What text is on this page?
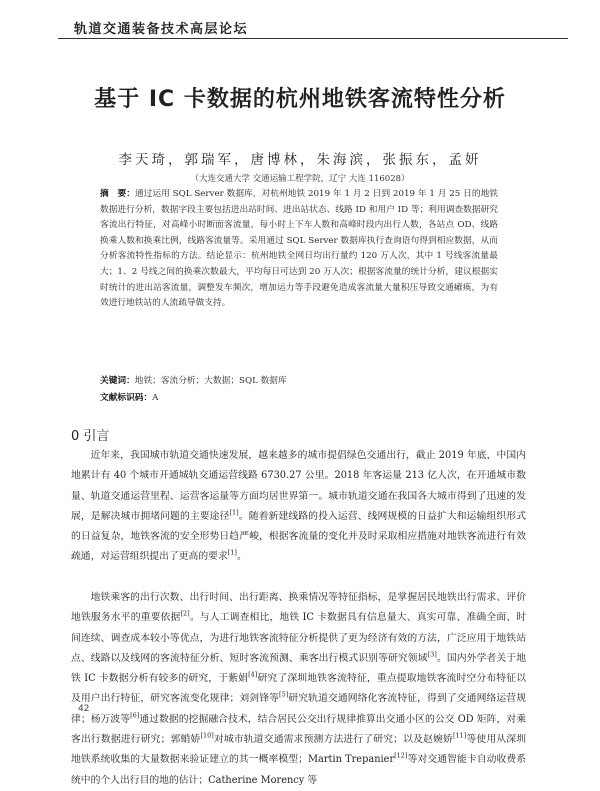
轨道交通装备技术高层论坛
基于 IC 卡数据的杭州地铁客流特性分析
李天琦，郭瑞军，唐博林，朱海滨，张振东，孟妍
（大连交通大学 交通运输工程学院，辽宁 大连 116028）
摘　要：通过运用 SQL Server 数据库，对杭州地铁 2019 年 1 月 2 日到 2019 年 1 月 25 日的地铁数据进行分析，数据字段主要包括进出站时间、进出站状态、线路 ID 和用户 ID 等；利用调查数据研究客流出行特征，对高峰小时断面客流量，每小时上下车人数和高峰时段内出行人数，各站点 OD、线路换乘人数和换乘比例，线路客流量等。采用通过 SQL Server 数据库执行查询语句得到相应数据，从而分析客流特性指标的方法。结论显示：杭州地铁全网日均出行量约 120 万人次，其中 1 号线客流量最大；1、2 号线之间的换乘次数最大，平均每日可达到 20 万人次；根据客流量的统计分析，建议根据实时统计的进出站客流量，调整发车频次，增加运力等手段避免造成客流量大量积压导致交通瘫痪，为有效进行地铁站的人流疏导做支持。
关键词：地铁；客流分析；大数据；SQL 数据库
文献标识码：A
0 引言

近年来，我国城市轨道交通快速发展，越来越多的城市提倡绿色交通出行，截止 2019 年底，中国内地累计有 40 个城市开通城轨交通运营线路 6730.27 公里。2018 年客运量 213 亿人次，在开通城市数量、轨道交通运营里程、运营客运量等方面均居世界第一。城市轨道交通在我国各大城市得到了迅速的发展，是解决城市拥堵问题的主要途径[1]。随着新建线路的投入运营、线网规模的日益扩大和运输组织形式的日益复杂，地铁客流的安全形势日趋严峻，根据客流量的变化并及时采取相应措施对地铁客流进行有效疏通，对运营组织提出了更高的要求[1]。

地铁乘客的出行次数、出行时间、出行距离、换乘情况等特征指标，是掌握居民地铁出行需求、评价地铁服务水平的重要依据[2]。与人工调查相比，地铁 IC 卡数据具有信息量大、真实可靠、准确全面、时间连续、调查成本较小等优点，为进行地铁客流特征分析提供了更为经济有效的方法，广泛应用于地铁站点、线路以及线网的客流特征分析、短时客流预测、乘客出行模式识别等研究领域[3]。国内外学者关于地铁 IC 卡数据分析有较多的研究，于紫娟[4]研究了深圳地铁客流特征，重点提取地铁客流时空分布特征以及用户出行特征，研究客流变化规律；刘剑锋等[5]研究轨道交通网络化客流特征，得到了交通网络运营规律；杨万波等[6]通过数据的挖掘融合技术，结合居民公交出行规律推算出交通小区的公交 OD 矩阵，对乘客出行数据进行研究；郭蛸娇[10]对城市轨道交通需求预测方法进行了研究；以及赵婉娇[11]等使用从深圳地铁系统收集的大量数据来验证建立的其一概率模型；Martin Trepanier[12]等对交通智能卡自动收费系统中的个人出行目的地的估计；Catherine Morency 等

42
